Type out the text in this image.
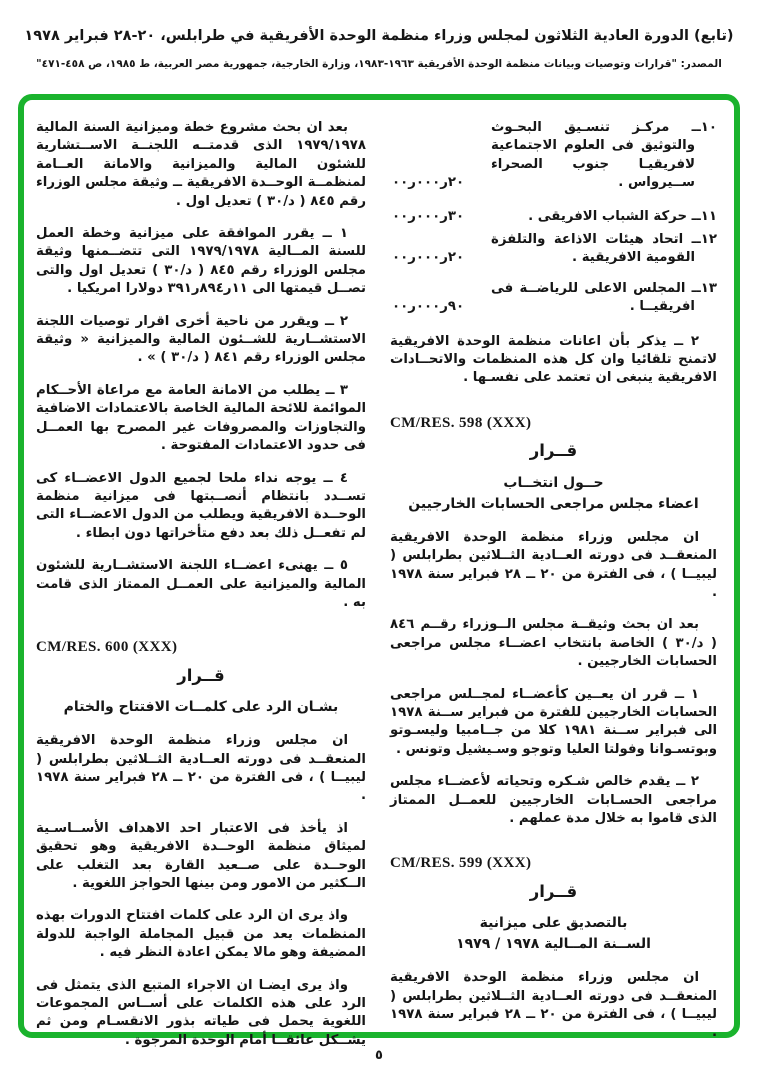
(تابع) الدورة العادية الثلاثون لمجلس وزراء منظمة الوحدة الأفريقية في طرابلس، ٢٠-٢٨ فبراير ١٩٧٨
المصدر: "قرارات وتوصيات وبيانات منظمة الوحدة الأفريقية ١٩٦٣-١٩٨٣، وزارة الخارجية، جمهورية مصر العربية، ط ١٩٨٥، ص ٤٥٨-٤٧١"
١٠ــ مركـز تنسـيق البحـوث والتوثيق فى العلوم الاجتماعية لافريقيـا جنوب الصحراء ســيرواس .
٢٠ر٠٠٠ر٠٠
١١ــ حركة الشباب الافريقى .
٣٠ر٠٠٠ر٠٠
١٢ــ اتحاد هيئات الاذاعة والتلفزة القومية الافريقية .
٢٠ر٠٠٠ر٠٠
١٣ــ المجلس الاعلى للرياضــة فى افريقيــا .
٩٠ر٠٠٠ر٠٠

٢ ــ يذكر بأن اعانات منظمة الوحدة الافريقية لاتمنح تلقائيا وان كل هذه المنظمات والاتحــادات الافريقية ينبغى ان تعتمد على نفسـها .

CM/RES. 598 (XXX)
قــرار
حــول انتخــاب
اعضاء مجلس مراجعى الحسابات الخارجيين

ان مجلس وزراء منظمة الوحدة الافريقية المنعقــد فى دورته العــادية الثــلاثين بطرابلس ( ليبيــا ) ، فى الفترة من ٢٠ ــ ٢٨ فبراير سنة ١٩٧٨ .

بعد ان بحث وثيقــة مجلس الــوزراء رقــم ٨٤٦ ( د/٣٠ ) الخاصة بانتخاب اعضــاء مجلس مراجعى الحسابات الخارجيين .

١ ــ قرر ان يعــين كأعضــاء لمجــلس مراجعى الحسابات الخارجيين للفترة من فبراير ســنة ١٩٧٨ الى فبراير ســنة ١٩٨١ كلا من جــامبيا وليسـوتو وبوتسـوانا وفولتا العليا وتوجو وسـيشيل وتونس .

٢ ــ يقدم خالص شـكره وتحياته لأعضــاء مجلس مراجعى الحسـابات الخارجيين للعمــل الممتاز الذى قاموا به خلال مدة عملهم .

CM/RES. 599 (XXX)
قــرار
بالتصديق على ميزانية
الســنة المــالية ١٩٧٨ / ١٩٧٩

ان مجلس وزراء منظمة الوحدة الافريقية المنعقــد فى دورته العــادية الثــلاثين بطرابلس ( ليبيــا ) ، فى الفترة من ٢٠ ــ ٢٨ فبراير سنة ١٩٧٨ .

بعد ان بحث مشروع خطة وميزانية السنة المالية ١٩٧٩/١٩٧٨ الذى قدمتــه اللجنــة الاســتشارية للشئون المالية والميزانية والامانة العــامة لمنظمــة الوحــدة الافريقية ــ وثيقة مجلس الوزراء رقم ٨٤٥ ( د/٣٠ ) تعديل اول .

١ ــ يقرر الموافقة على ميزانية وخطة العمل للسنة المــالية ١٩٧٩/١٩٧٨ التى تتضــمنها وثيقة مجلس الوزراء رقم ٨٤٥ ( د/٣٠ ) تعديل اول والتى تصــل قيمتها الى ١١ر٨٩٤ر٣٩١ دولارا امريكيا .

٢ ــ ويقرر من ناحية أخرى اقرار توصيات اللجنة الاستشــارية للشــئون المالية والميزانية « وثيقة مجلس الوزراء رقم ٨٤١ ( د/٣٠ ) » .

٣ ــ يطلب من الامانة العامة مع مراعاة الأحــكام الموائمة للائحة المالية الخاصة بالاعتمادات الاضافية والتجاوزات والمصروفات غير المصرح بها العمــل فى حدود الاعتمادات المفتوحة .

٤ ــ يوجه نداء ملحا لجميع الدول الاعضــاء كى تســدد بانتظام أنصــبتها فى ميزانية منظمة الوحــدة الافريقية ويطلب من الدول الاعضــاء التى لم تفعــل ذلك بعد دفع متأخراتها دون ابطاء .

٥ ــ يهنىء اعضــاء اللجنة الاستشــارية للشئون المالية والميزانية على العمــل الممتاز الذى قامت به .

CM/RES. 600 (XXX)
قــرار
بشـان الرد على كلمــات الافتتاح والختام

ان مجلس وزراء منظمة الوحدة الافريقية المنعقــد فى دورته العــادية الثــلاثين بطرابلس ( ليبيــا ) ، فى الفترة من ٢٠ ــ ٢٨ فبراير سنة ١٩٧٨ .

اذ يأخذ فى الاعتبار احد الاهداف الأســاسـية لميثاق منظمة الوحــدة الافريقية وهو تحقيق الوحــدة على صــعيد القارة بعد التغلب على الــكثير من الامور ومن بينها الحواجز اللغوية .

واذ يرى ان الرد على كلمات افتتاح الدورات بهذه المنظمات يعد من قبيل المجاملة الواجبة للدولة المضيفة وهو مالا يمكن اعادة النظر فيه .

واذ يرى ايضـا ان الاجراء المتبع الذى يتمثل فى الرد على هذه الكلمات على أســاس المجموعات اللغوية يحمل فى طياته بذور الانقسـام ومن ثم يشــكل عائقــا أمام الوحدة المرجوة .

٥
